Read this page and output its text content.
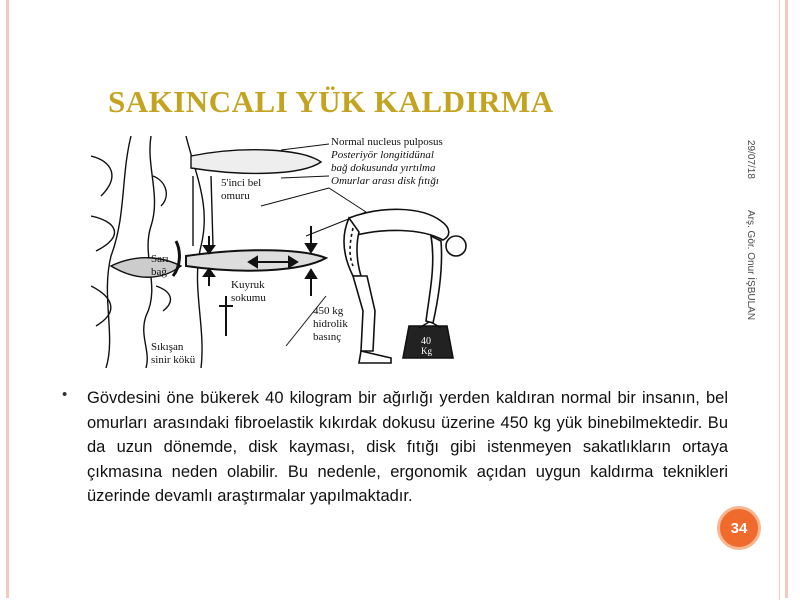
SAKINCALI YÜK KALDIRMA
Normal nucleus pulposus
Posteriyör longitidünal
bağ dokusunda yırtılma
Omurlar arası disk fıtığı
5'inci bel
omuru
Sarı
bağ
Kuyruk
sokumu
450 kg
hidrolik
basınç
Sıkışan
sinir kökü
40
Kg
29/07/18
Arş. Gör. Onur İŞBULAN
• Gövdesini öne bükerek 40 kilogram bir ağırlığı yerden kaldıran normal bir insanın, bel omurları arasındaki fibroelastik kıkırdak dokusu üzerine 450 kg yük binebilmektedir. Bu da uzun dönemde, disk kayması, disk fıtığı gibi istenmeyen sakatlıkların ortaya çıkmasına neden olabilir. Bu nedenle, ergonomik açıdan uygun kaldırma teknikleri üzerinde devamlı araştırmalar yapılmaktadır.
34
